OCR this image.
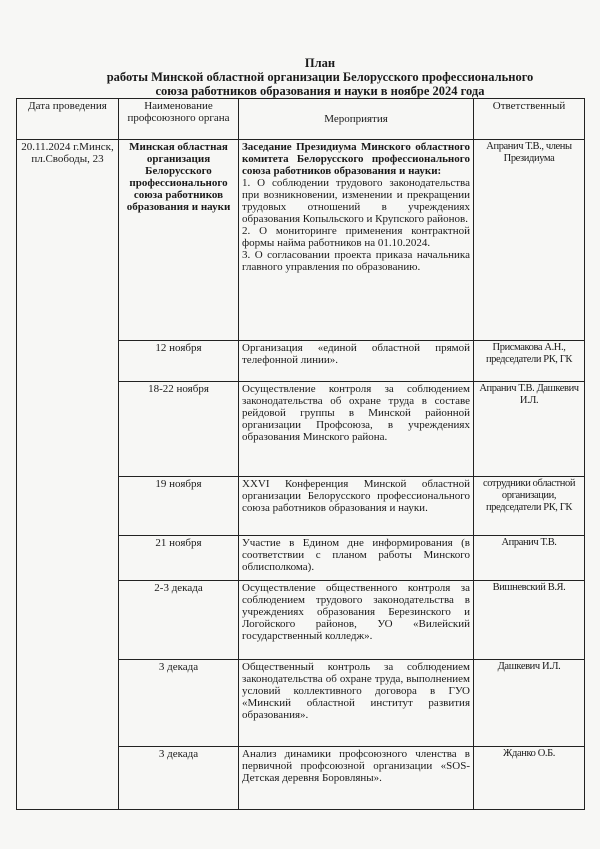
План
работы Минской областной организации Белорусского профессионального
союза работников образования и науки в ноябре 2024 года
Дата проведения	Наименование профсоюзного органа	Мероприятия	Ответственный
20.11.2024 г.Минск, пл.Свободы, 23	Минская областная организация Белорусского профессионального союза работников образования и науки	Заседание Президиума Минского областного комитета Белорусского профессионального союза работников образования и науки:
1. О соблюдении трудового законодательства при возникновении, изменении и прекращении трудовых отношений в учреждениях образования Копыльского и Крупского районов.
2. О мониторинге применения контрактной формы найма работников на 01.10.2024.
3. О согласовании проекта приказа начальника главного управления по образованию.	Апранич Т.В., члены Президиума
	12 ноября	Организация «единой областной прямой телефонной линии».	Присмакова А.Н., председатели РК, ГК
	18-22 ноября	Осуществление контроля за соблюдением законодательства об охране труда в составе рейдовой группы в Минской районной организации Профсоюза, в учреждениях образования Минского района.	Апранич Т.В. Дашкевич И.Л.
	19 ноября	XXVI Конференция Минской областной организации Белорусского профессионального союза работников образования и науки.	сотрудники областной организации, председатели РК, ГК
	21 ноября	Участие в Едином дне информирования (в соответствии с планом работы Минского облисполкома).	Апранич Т.В.
	2-3 декада	Осуществление общественного контроля за соблюдением трудового законодательства в учреждениях образования Березинского и Логойского районов, УО «Вилейский государственный колледж».	Вишневский В.Я.
	3 декада	Общественный контроль за соблюдением законодательства об охране труда, выполнением условий коллективного договора в ГУО «Минский областной институт развития образования».	Дашкевич И.Л.
	3 декада	Анализ динамики профсоюзного членства в первичной профсоюзной организации «SOS-Детская деревня Боровляны».	Жданко О.Б.
